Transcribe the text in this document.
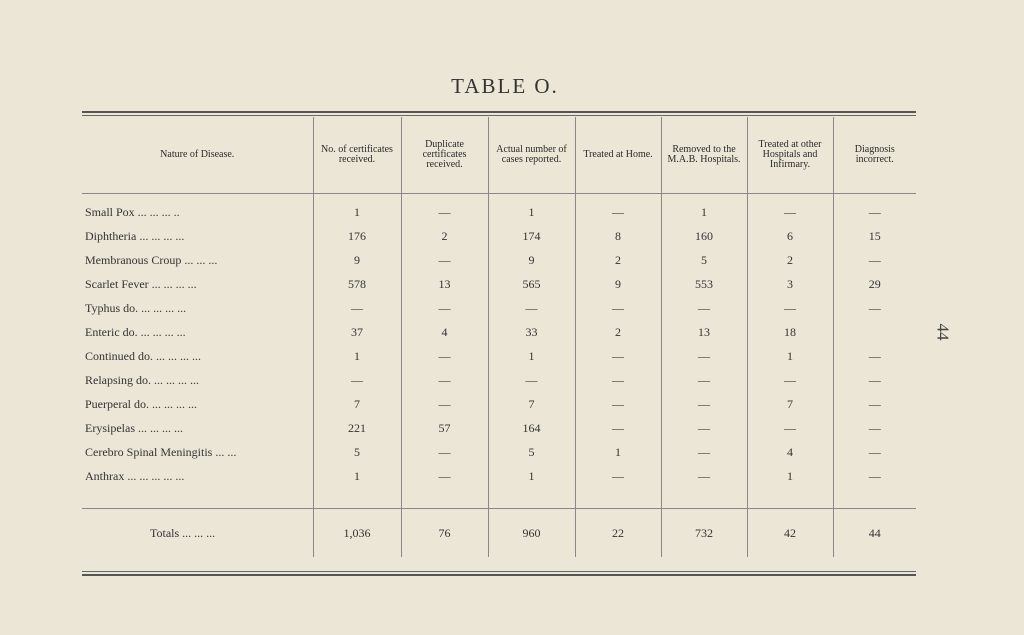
TABLE O.
44
Nature of Disease.	No. of certificates received.	Duplicate certificates received.	Actual number of cases reported.	Treated at Home.	Removed to the M.A.B. Hospitals.	Treated at other Hospitals and Infirmary.	Diagnosis incorrect.

Small Pox ... ... ... ..	1	—	1	—	1	—	—
Diphtheria ... ... ... ...	176	2	174	8	160	6	15
Membranous Croup ... ... ...	9	—	9	2	5	2	—
Scarlet Fever ... ... ... ...	578	13	565	9	553	3	29
Typhus do. ... ... ... ...	—	—	—	—	—	—	—
Enteric do. ... ... ... ...	37	4	33	2	13	18	
Continued do. ... ... ... ...	1	—	1	—	—	1	—
Relapsing do. ... ... ... ...	—	—	—	—	—	—	—
Puerperal do. ... ... ... ...	7	—	7	—	—	7	—
Erysipelas ... ... ... ...	221	57	164	—	—	—	—
Cerebro Spinal Meningitis ... ...	5	—	5	1	—	4	—
Anthrax ... ... ... ... ...	1	—	1	—	—	1	—

Totals ... ... ...	1,036	76	960	22	732	42	44
